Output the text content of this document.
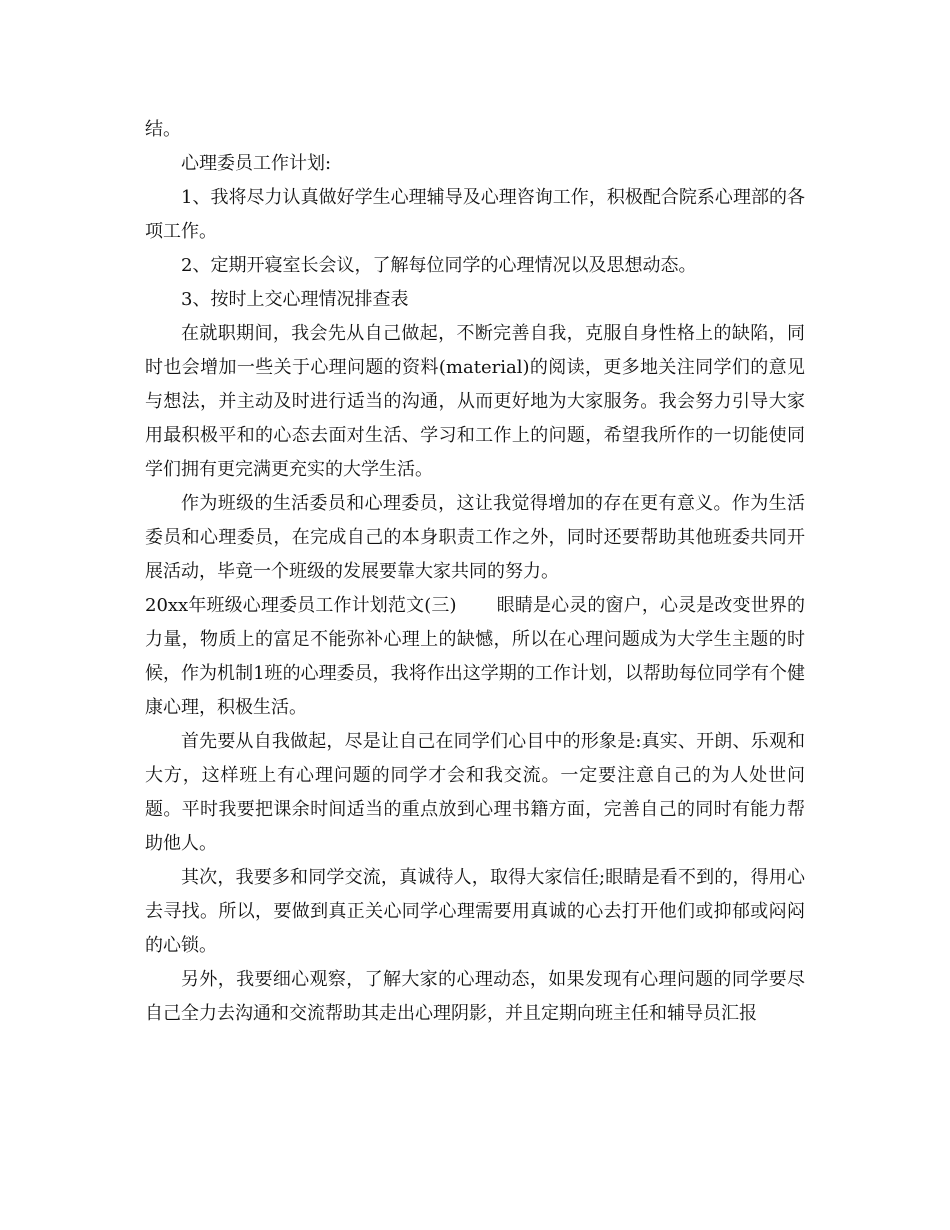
结。

心理委员工作计划:

1、我将尽力认真做好学生心理辅导及心理咨询工作，积极配合院系心理部的各项工作。

2、定期开寝室长会议，了解每位同学的心理情况以及思想动态。

3、按时上交心理情况排查表

在就职期间，我会先从自己做起，不断完善自我，克服自身性格上的缺陷，同时也会增加一些关于心理问题的资料(material)的阅读，更多地关注同学们的意见与想法，并主动及时进行适当的沟通，从而更好地为大家服务。我会努力引导大家用最积极平和的心态去面对生活、学习和工作上的问题，希望我所作的一切能使同学们拥有更完满更充实的大学生活。

作为班级的生活委员和心理委员，这让我觉得增加的存在更有意义。作为生活委员和心理委员，在完成自己的本身职责工作之外，同时还要帮助其他班委共同开展活动，毕竟一个班级的发展要靠大家共同的努力。

20xx年班级心理委员工作计划范文(三) 眼睛是心灵的窗户，心灵是改变世界的力量，物质上的富足不能弥补心理上的缺憾，所以在心理问题成为大学生主题的时候，作为机制1班的心理委员，我将作出这学期的工作计划，以帮助每位同学有个健康心理，积极生活。

首先要从自我做起，尽是让自己在同学们心目中的形象是:真实、开朗、乐观和大方，这样班上有心理问题的同学才会和我交流。一定要注意自己的为人处世问题。平时我要把课余时间适当的重点放到心理书籍方面，完善自己的同时有能力帮助他人。

其次，我要多和同学交流，真诚待人，取得大家信任;眼睛是看不到的，得用心去寻找。所以，要做到真正关心同学心理需要用真诚的心去打开他们或抑郁或闷闷的心锁。

另外，我要细心观察，了解大家的心理动态，如果发现有心理问题的同学要尽自己全力去沟通和交流帮助其走出心理阴影，并且定期向班主任和辅导员汇报
